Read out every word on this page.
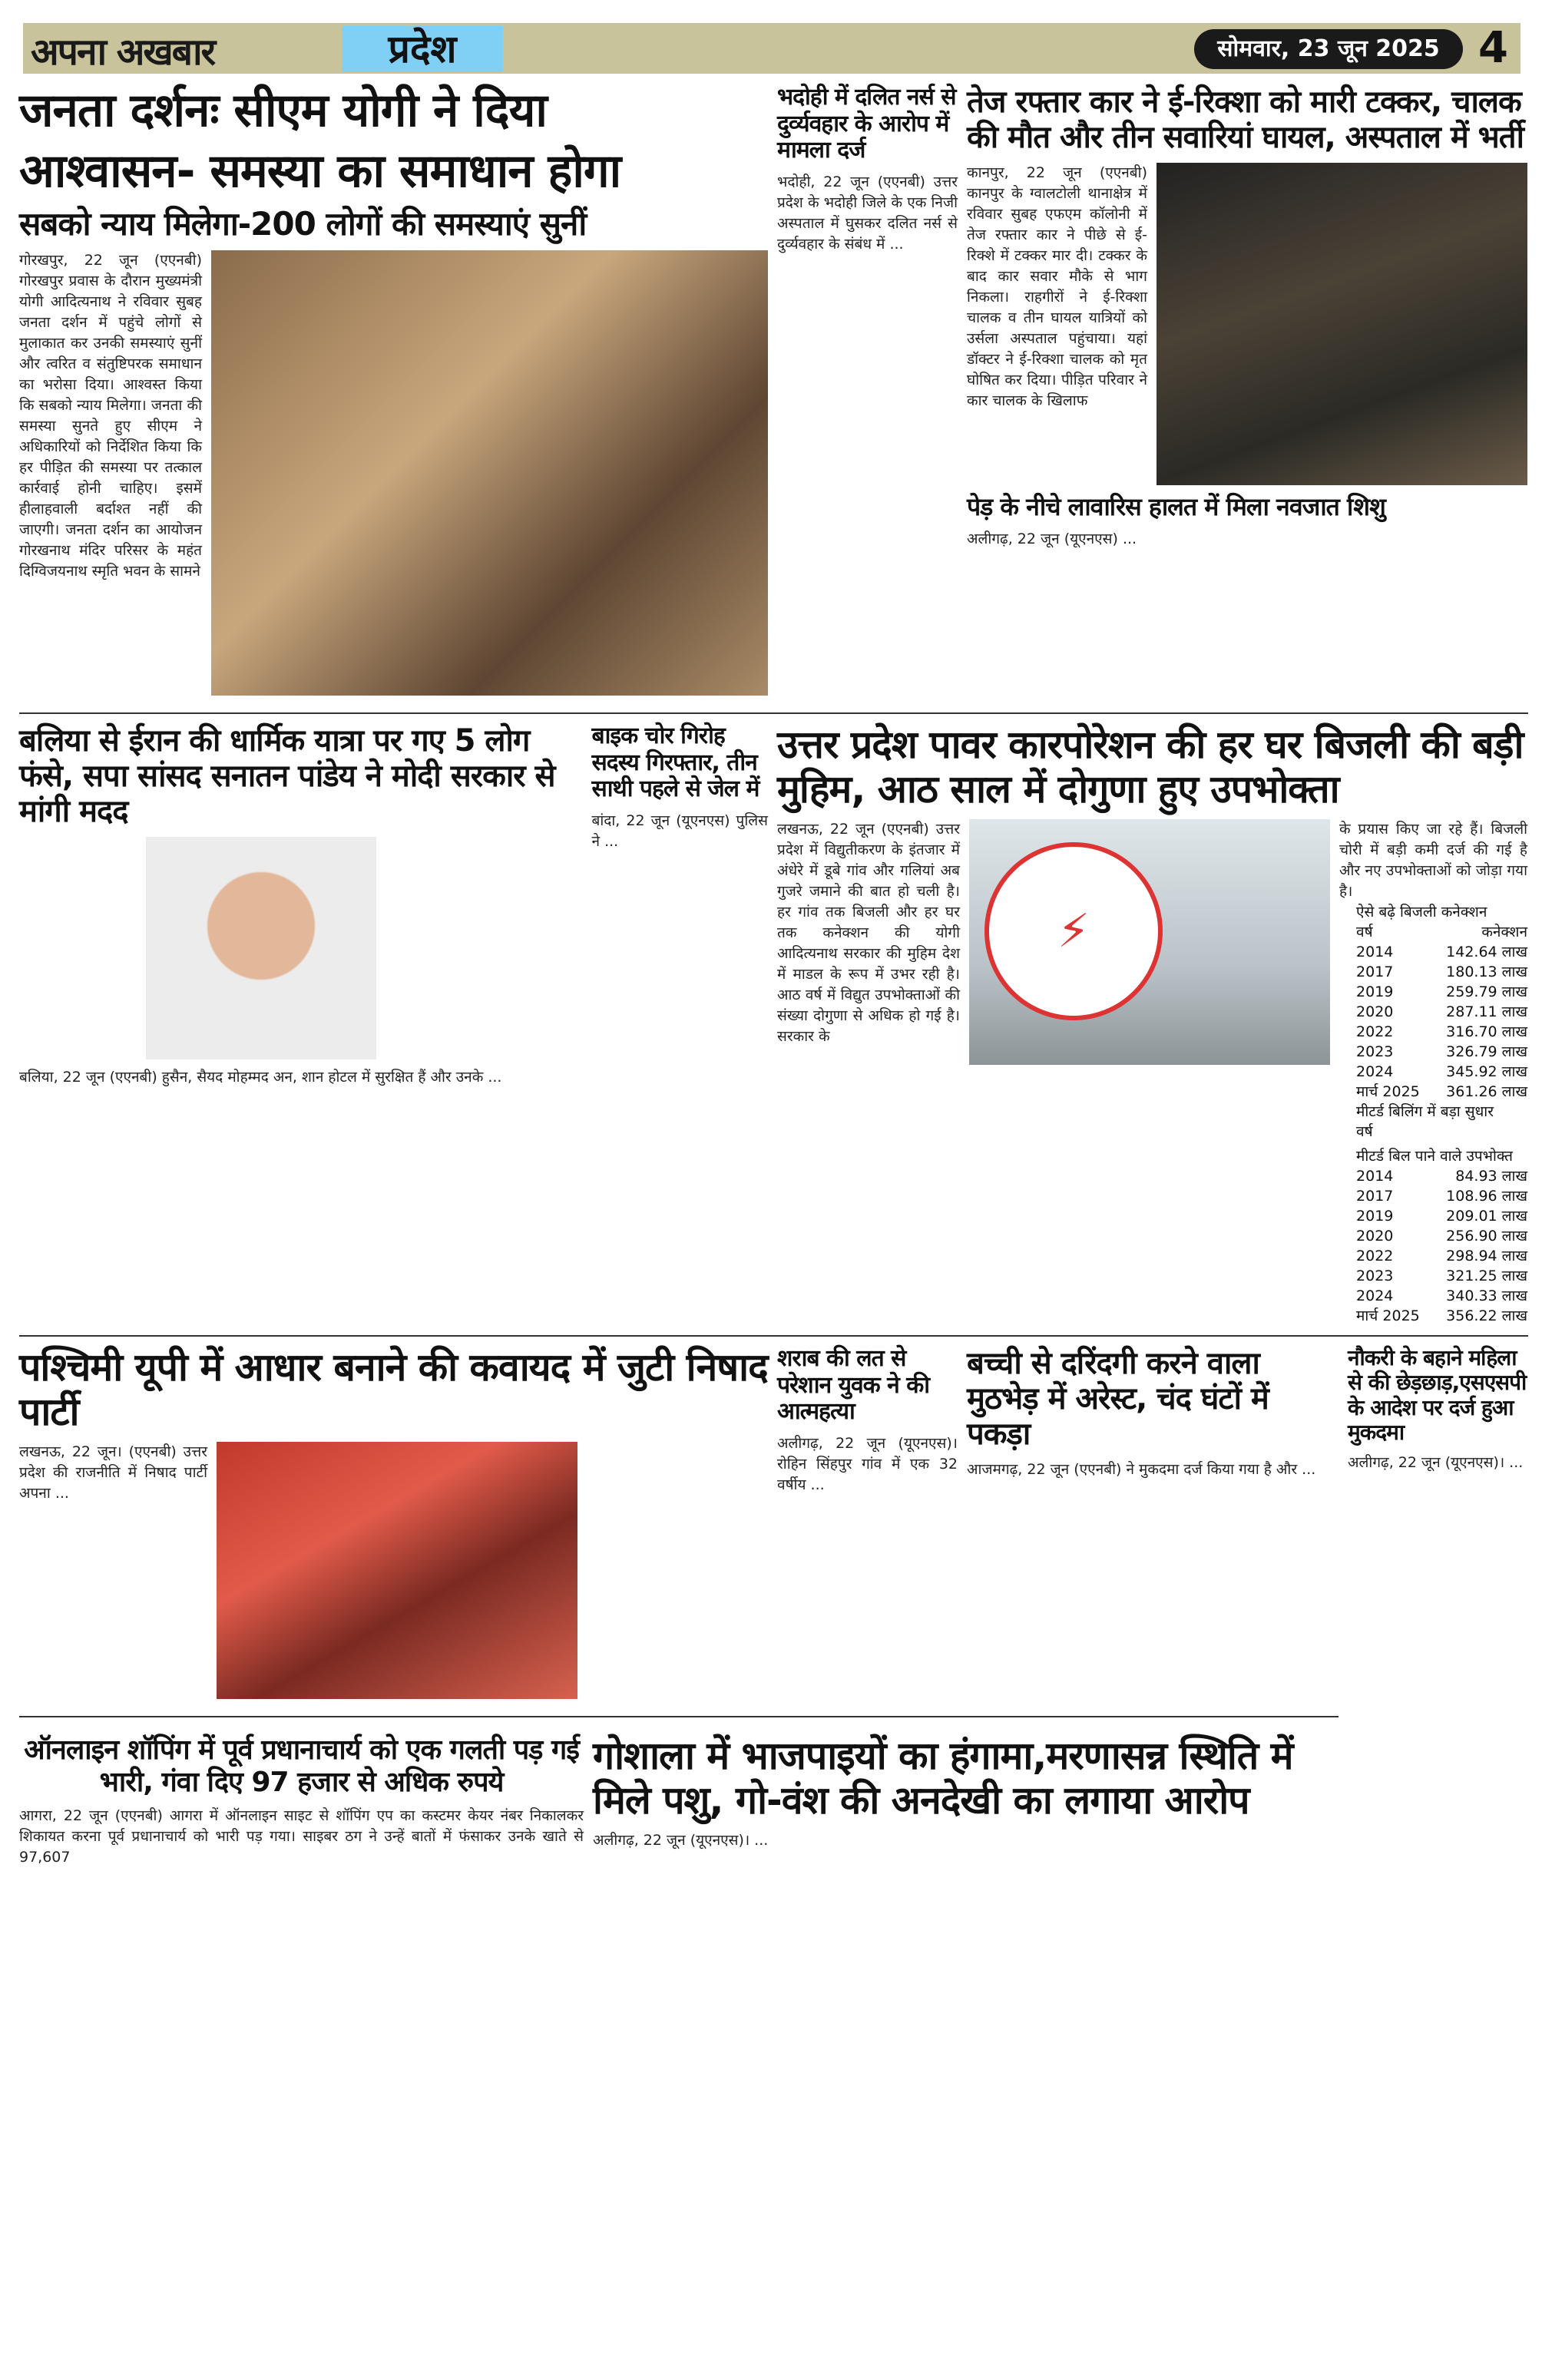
अपना अखबार	प्रदेश	सोमवार, 23 जून 2025 4
जनता दर्शनः सीएम योगी ने दिया
आश्वासन- समस्या का समाधान होगा
सबको न्याय मिलेगा-200 लोगों की समस्याएं सुनीं
गोरखपुर, 22 जून (एएनबी) गोरखपुर प्रवास के दौरान मुख्यमंत्री योगी आदित्यनाथ ने रविवार सुबह जनता दर्शन में पहुंचे लोगों से मुलाकात कर उनकी समस्याएं सुनीं और त्वरित व संतुष्टिपरक समाधान का भरोसा दिया। आश्वस्त किया कि सबको न्याय मिलेगा। जनता की समस्या सुनते हुए सीएम ने अधिकारियों को निर्देशित किया कि हर पीड़ित की समस्या पर तत्काल कार्रवाई होनी चाहिए। इसमें हीलाहवाली बर्दाश्त नहीं की जाएगी। जनता दर्शन का आयोजन गोरखनाथ मंदिर परिसर के महंत दिग्विजयनाथ स्मृति भवन के सामने
भदोही में दलित नर्स से दुर्व्यवहार के आरोप में मामला दर्ज
भदोही, 22 जून (एएनबी) उत्तर प्रदेश के भदोही जिले के एक निजी अस्पताल में घुसकर दलित नर्स से दुर्व्यवहार के संबंध में ...
तेज रफ्तार कार ने ई-रिक्शा को मारी टक्कर, चालक की मौत और तीन सवारियां घायल, अस्पताल में भर्ती
कानपुर, 22 जून (एएनबी) कानपुर के ग्वालटोली थानाक्षेत्र में रविवार सुबह एफएम कॉलोनी में तेज रफ्तार कार ने पीछे से ई-रिक्शे में टक्कर मार दी। टक्कर के बाद कार सवार मौके से भाग निकला। राहगीरों ने ई-रिक्शा चालक व तीन घायल यात्रियों को उर्सला अस्पताल पहुंचाया। यहां डॉक्टर ने ई-रिक्शा चालक को मृत घोषित कर दिया। पीड़ित परिवार ने कार चालक के खिलाफ
पेड़ के नीचे लावारिस हालत में मिला नवजात शिशु
अलीगढ़, 22 जून (यूएनएस) ...
बलिया से ईरान की धार्मिक यात्रा पर गए 5 लोग फंसे, सपा सांसद सनातन पांडेय ने मोदी सरकार से मांगी मदद
बलिया, 22 जून (एएनबी) हुसैन, सैयद मोहम्मद अन, शान होटल में सुरक्षित हैं और उनके ...
बाइक चोर गिरोह सदस्य गिरफ्तार, तीन साथी पहले से जेल में
बांदा, 22 जून (यूएनएस) पुलिस ने ...
उत्तर प्रदेश पावर कारपोरेशन की हर घर बिजली की बड़ी मुहिम, आठ साल में दोगुणा हुए उपभोक्ता
लखनऊ, 22 जून (एएनबी) उत्तर प्रदेश में विद्युतीकरण के इंतजार में अंधेरे में डूबे गांव और गलियां अब गुजरे जमाने की बात हो चली है। हर गांव तक बिजली और हर घर तक कनेक्शन की योगी आदित्यनाथ सरकार की मुहिम देश में माडल के रूप में उभर रही है। आठ वर्ष में विद्युत उपभोक्ताओं की संख्या दोगुणा से अधिक हो गई है। सरकार के
⚡
के प्रयास किए जा रहे हैं। बिजली चोरी में बड़ी कमी दर्ज की गई है और नए उपभोक्ताओं को जोड़ा गया है।
ऐसे बढ़े बिजली कनेक्शन
वर्ष	कनेक्शन
2014	142.64 लाख
2017	180.13 लाख
2019	259.79 लाख
2020	287.11 लाख
2022	316.70 लाख
2023	326.79 लाख
2024	345.92 लाख
मार्च 2025 361.26 लाख
मीटर्ड बिलिंग में बड़ा सुधार
वर्ष
मीटर्ड बिल पाने वाले उपभोक्त
2014	84.93 लाख
2017	108.96 लाख
2019	209.01 लाख
2020	256.90 लाख
2022	298.94 लाख
2023	321.25 लाख
2024	340.33 लाख
मार्च 2025 356.22 लाख
पश्चिमी यूपी में आधार बनाने की कवायद में जुटी निषाद पार्टी
लखनऊ, 22 जून। (एएनबी) उत्तर प्रदेश की राजनीति में निषाद पार्टी अपना ...
शराब की लत से परेशान युवक ने की आत्महत्या
अलीगढ़, 22 जून (यूएनएस)। रोहिन सिंहपुर गांव में एक 32 वर्षीय ...
बच्ची से दरिंदगी करने वाला मुठभेड़ में अरेस्ट, चंद घंटों में पकड़ा
आजमगढ़, 22 जून (एएनबी) ने मुकदमा दर्ज किया गया है और ...
ऑनलाइन शॉपिंग में पूर्व प्रधानाचार्य को एक गलती पड़ गई भारी, गंवा दिए 97 हजार से अधिक रुपये
आगरा, 22 जून (एएनबी) आगरा में ऑनलाइन साइट से शॉपिंग एप का कस्टमर केयर नंबर निकालकर शिकायत करना पूर्व प्रधानाचार्य को भारी पड़ गया। साइबर ठग ने उन्हें बातों में फंसाकर उनके खाते से 97,607
गोशाला में भाजपाइयों का हंगामा,मरणासन्न स्थिति में मिले पशु, गो-वंश की अनदेखी का लगाया आरोप
अलीगढ़, 22 जून (यूएनएस)। ...
नौकरी के बहाने महिला से की छेड़छाड़,एसएसपी के आदेश पर दर्ज हुआ मुकदमा
अलीगढ़, 22 जून (यूएनएस)। ...
